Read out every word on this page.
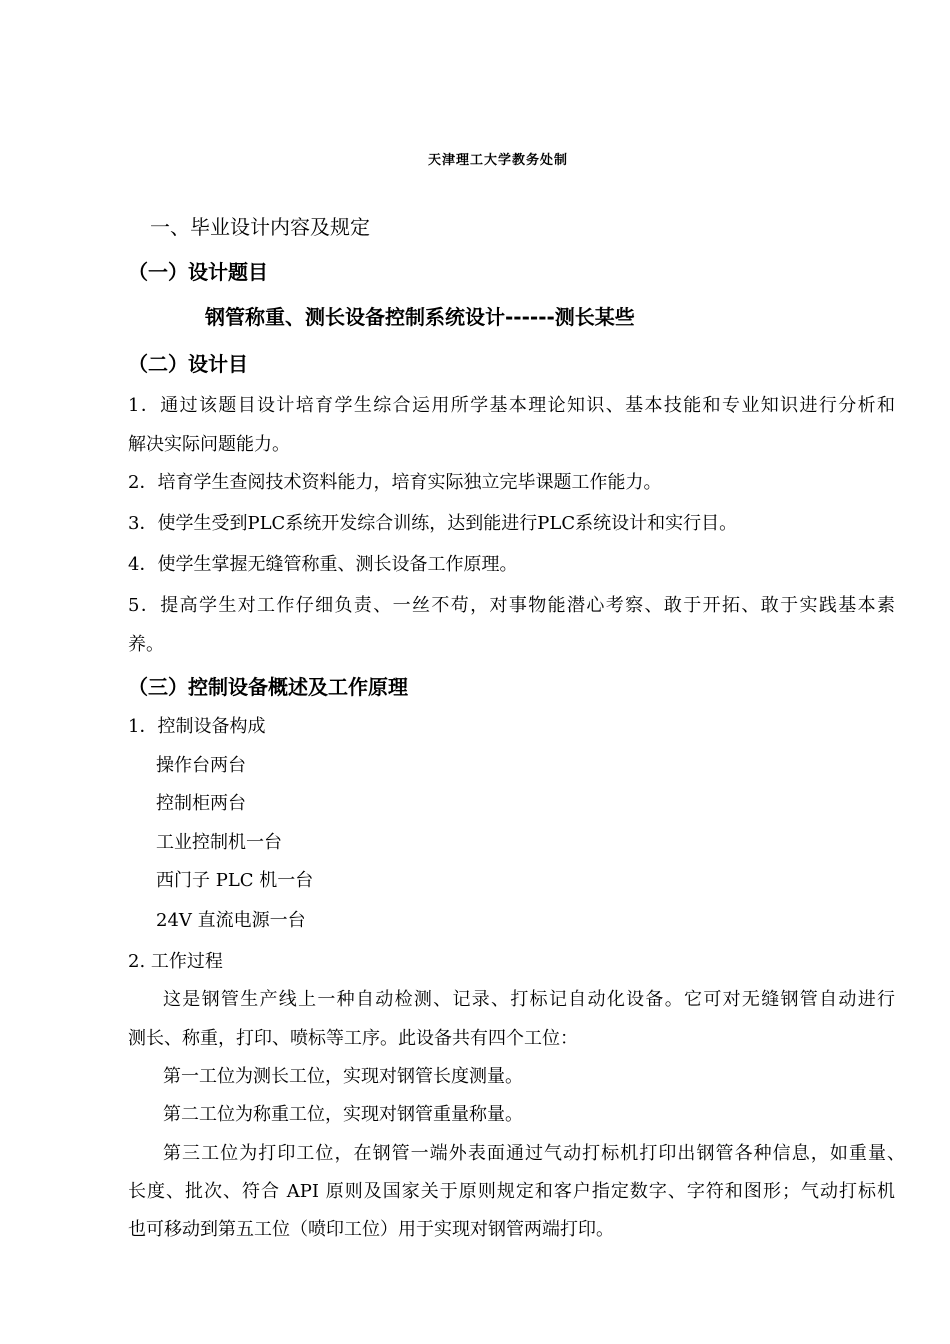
天津理工大学教务处制
一、毕业设计内容及规定
（一）设计题目
钢管称重、测长设备控制系统设计------测长某些
（二）设计目
1．通过该题目设计培育学生综合运用所学基本理论知识、基本技能和专业知识进行分析和
解决实际问题能力。
2．培育学生查阅技术资料能力，培育实际独立完毕课题工作能力。
3．使学生受到PLC系统开发综合训练，达到能进行PLC系统设计和实行目。
4．使学生掌握无缝管称重、测长设备工作原理。
5．提高学生对工作仔细负责、一丝不苟，对事物能潜心考察、敢于开拓、敢于实践基本素
养。
（三）控制设备概述及工作原理
1．控制设备构成
操作台两台
控制柜两台
工业控制机一台
西门子 PLC 机一台
24V 直流电源一台
2. 工作过程
这是钢管生产线上一种自动检测、记录、打标记自动化设备。它可对无缝钢管自动进行
测长、称重，打印、喷标等工序。此设备共有四个工位：
第一工位为测长工位，实现对钢管长度测量。
第二工位为称重工位，实现对钢管重量称量。
第三工位为打印工位，在钢管一端外表面通过气动打标机打印出钢管各种信息，如重量、
长度、批次、符合 API 原则及国家关于原则规定和客户指定数字、字符和图形；气动打标机
也可移动到第五工位（喷印工位）用于实现对钢管两端打印。
